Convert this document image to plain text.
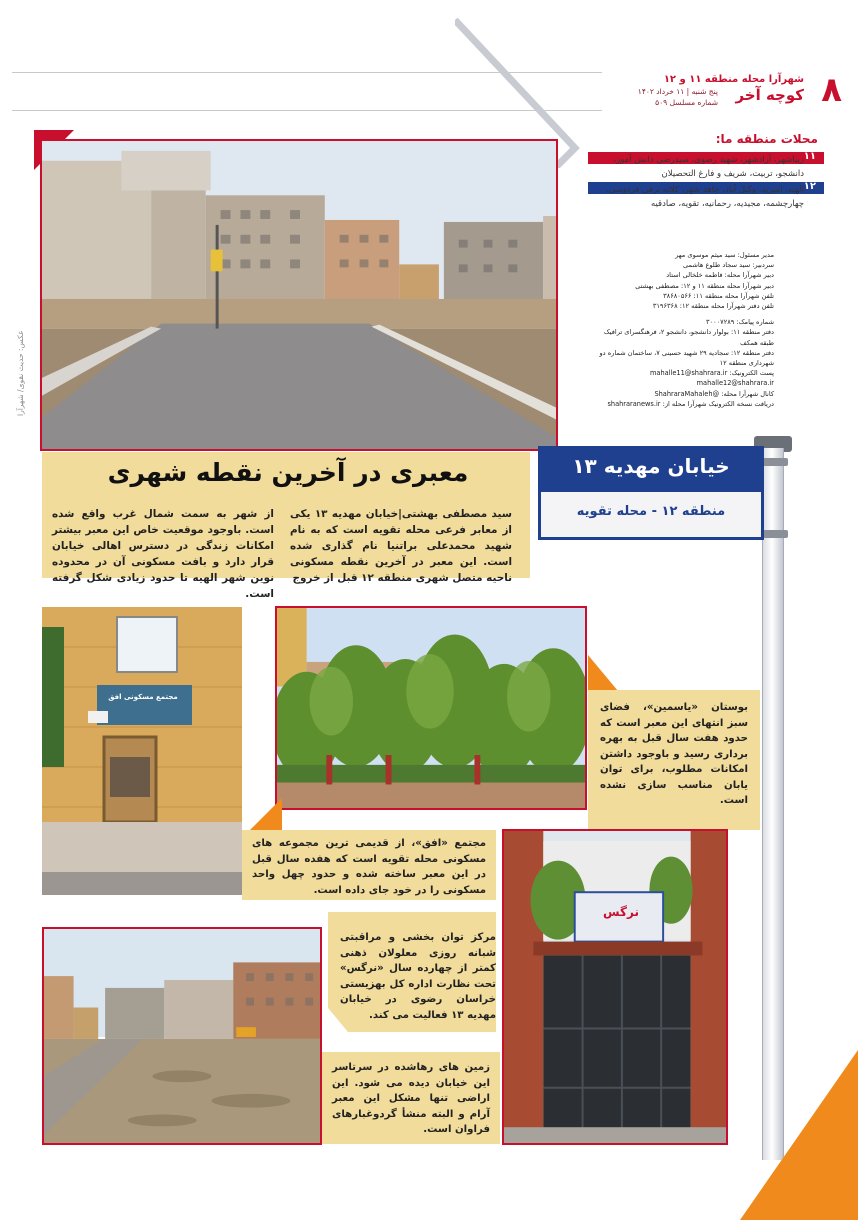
۸
شهرآرا محله منطقه ۱۱ و ۱۲
کوچه آخر
پنج شنبه | ۱۱ خرداد ۱۴۰۲
شماره مسلسل ۵۰۹
محلات منطقه ما:
۱۱
زیباشهر، آزادشهر، شهید رضوی، سیدرضی دانش آموز، دانشجو، تربیت، شریف و فارغ التحصیلان
۱۲
الهیه، امیریه، وکیل آباد، جاهد شهر، کلاته برفی فردوسی، چهارچشمه، مجیدیه، رحمانیه، تقویه، صادقیه
مدیر مسئول: سید میثم موسوی مهر
سردبیر: سید سجاد طلوع هاشمی
دبیر شهرآرا محله: فاطمه خلخالی استاد
دبیر شهرآرا محله منطقه ۱۱ و ۱۲: مصطفی بهشتی
تلفن شهرآرا محله منطقه ۱۱: ۳۸۶۸۰۵۶۶
تلفن دفتر شهرآرا محله منطقه ۱۲: ۳۱۹۶۳۶۸
شماره پیامک: ۳۰۰۰۷۲۸۹
دفتر منطقه ۱۱: بولوار دانشجو، دانشجو ۲، فرهنگسرای ترافیک
طبقه همکف
دفتر منطقه ۱۲: سجادیه ۲۹ شهید حسینی ۷، ساختمان شماره دو
شهرداری منطقه ۱۲
پست الکترونیک: mahalle11@shahrara.ir
mahalle12@shahrara.ir
کانال شهرآرا محله: @ShahraraMahaleh
دریافت نسخه الکترونیک شهرآرا محله از: shahraranews.ir
عکس: حدیث نقوی/ شهرآرا
خیابان مهدیه ۱۳
منطقه ۱۲ - محله تقویه
معبری در آخرین نقطه شهری
سید مصطفی بهشتی|خیابان مهدیه ۱۳ یکی از معابر فرعی محله تقویه است که به نام شهید محمدعلی براتنیا نام گذاری شده است. این معبر در آخرین نقطه مسکونی ناحیه متصل شهری منطقه ۱۲ قبل از خروج
از شهر به سمت شمال غرب واقع شده است. باوجود موقعیت خاص این معبر بیشتر امکانات زندگی در دسترس اهالی خیابان قرار دارد و بافت مسکونی آن در محدوده نوین شهر الهیه تا حدود زیادی شکل گرفته است.
بوستان «یاسمین»، فضای سبز انتهای این معبر است که حدود هفت سال قبل به بهره برداری رسید و باوجود داشتن امکانات مطلوب، برای توان یابان مناسب سازی نشده است.
مجتمع مسکونی افق
مجتمع «افق»، از قدیمی ترین مجموعه های مسکونی محله تقویه است که هفده سال قبل در این معبر ساخته شده و حدود چهل واحد مسکونی را در خود جای داده است.
نرگس
مرکز توان بخشی و مراقبتی شبانه روزی معلولان ذهنی کمتر از چهارده سال «نرگس» تحت نظارت اداره کل بهزیستی خراسان رضوی در خیابان مهدیه ۱۳ فعالیت می کند.
زمین های رهاشده در سرتاسر این خیابان دیده می شود. این اراضی تنها مشکل این معبر آرام و البته منشأ گردوغبارهای فراوان است.
